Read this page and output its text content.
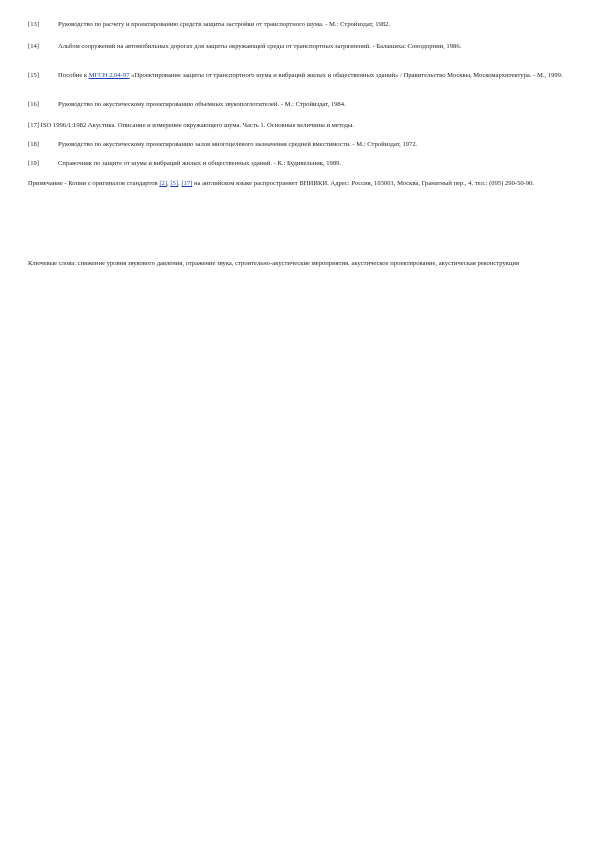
[13]	Руководство по расчету и проектированию средств защиты застройки от транспортного шума. - М.: Стройиздат, 1982.
[14]	Альбом сооружений на автомобильных дорогах для защиты окружающей среды от транспортных загрязнений. - Балашиха: Союздорнии, 1986.
[15]	Пособие к МГСН 2.04-97 «Проектирование защиты от транспортного шума и вибраций жилых и общественных зданий» / Правительство Москвы, Москомархитектура. - М., 1999.
[16]	Руководство по акустическому проектированию объемных звукопоглотителей. - М.: Стройиздат, 1984.
[17] ISO 1996/1:1982 Акустика. Описание и измерение окружающего шума. Часть 1. Основные величины и методы.
[18]	Руководство по акустическому проектированию залов многоцелевого назначения средней вместимости. - М.: Стройиздат, 1972.
[19]	Справочник по защите от шума и вибраций жилых и общественных зданий. - К.: Будивельник, 1989.
Примечание - Копии с оригиналов стандартов [2], [5], [17] на английском языке распространяет ВНИИКИ. Адрес: Россия, 103001, Москва, Гранатный пер., 4. тел.: (095) 290-50-90.
Ключевые слова: снижение уровня звукового давления, отражение звука, строительно-акустические мероприятия, акустическое проектирование, акустическая реконструкция
